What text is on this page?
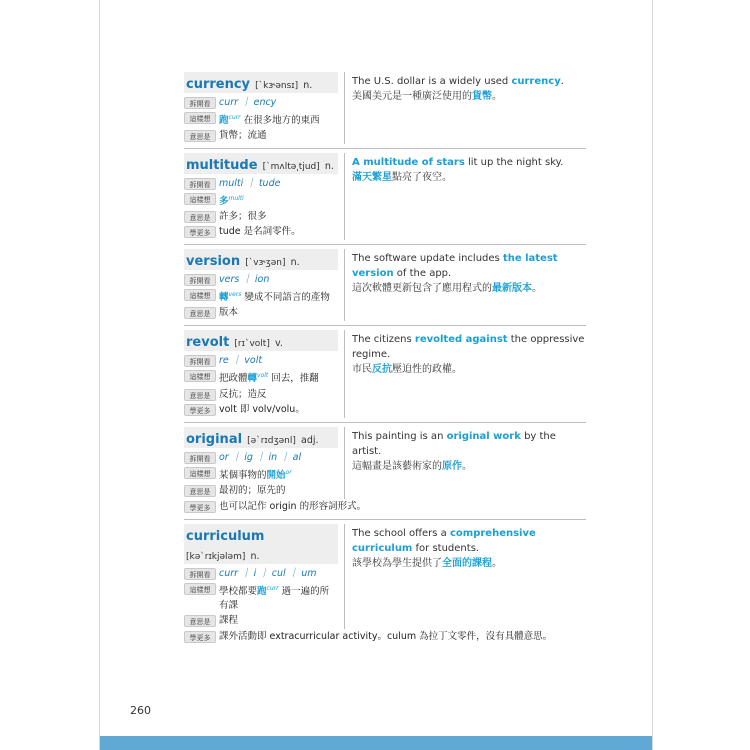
currency [ˋkɝənsɪ] n.
拆開看 curr ｜ ency
這樣想 跑$^{curr}$ 在很多地方的東西
意思是 貨幣；流通
The U.S. dollar is a widely used currency.
美國美元是一種廣泛使用的貨幣。
multitude [ˋmʌltə͵tjud] n.
拆開看 multi ｜ tude
這樣想 多$^{multi}$
意思是 許多；很多
學更多 tude 是名詞零件。
A multitude of stars lit up the night sky.
滿天繁星點亮了夜空。
version [ˋvɝʒən] n.
拆開看 vers ｜ ion
這樣想 轉$^{vers}$ 變成不同語言的產物
意思是 版本
The software update includes the latest version of the app.
這次軟體更新包含了應用程式的最新版本。
revolt [rɪˋvolt] v.
拆開看 re ｜ volt
這樣想 把政體轉$^{volt}$ 回去，推翻
意思是 反抗；造反
學更多 volt 即 volv/volu。
The citizens revolted against the oppressive regime.
市民反抗壓迫性的政權。
original [əˋrɪdʒənl] adj.
拆開看 or ｜ ig ｜ in ｜ al
這樣想 某個事物的開始$^{or}$
意思是 最初的；原先的
This painting is an original work by the artist.
這幅畫是該藝術家的原作。
學更多 也可以記作 origin 的形容詞形式。
curriculum
[kəˋrɪkjələm] n.
拆開看 curr ｜ i ｜ cul ｜ um
這樣想 學校都要跑$^{curr}$ 過一遍的所有課
意思是 課程
The school offers a comprehensive curriculum for students.
該學校為學生提供了全面的課程。
學更多 課外活動即 extracurricular activity。culum 為拉丁文零件，沒有具體意思。
260
